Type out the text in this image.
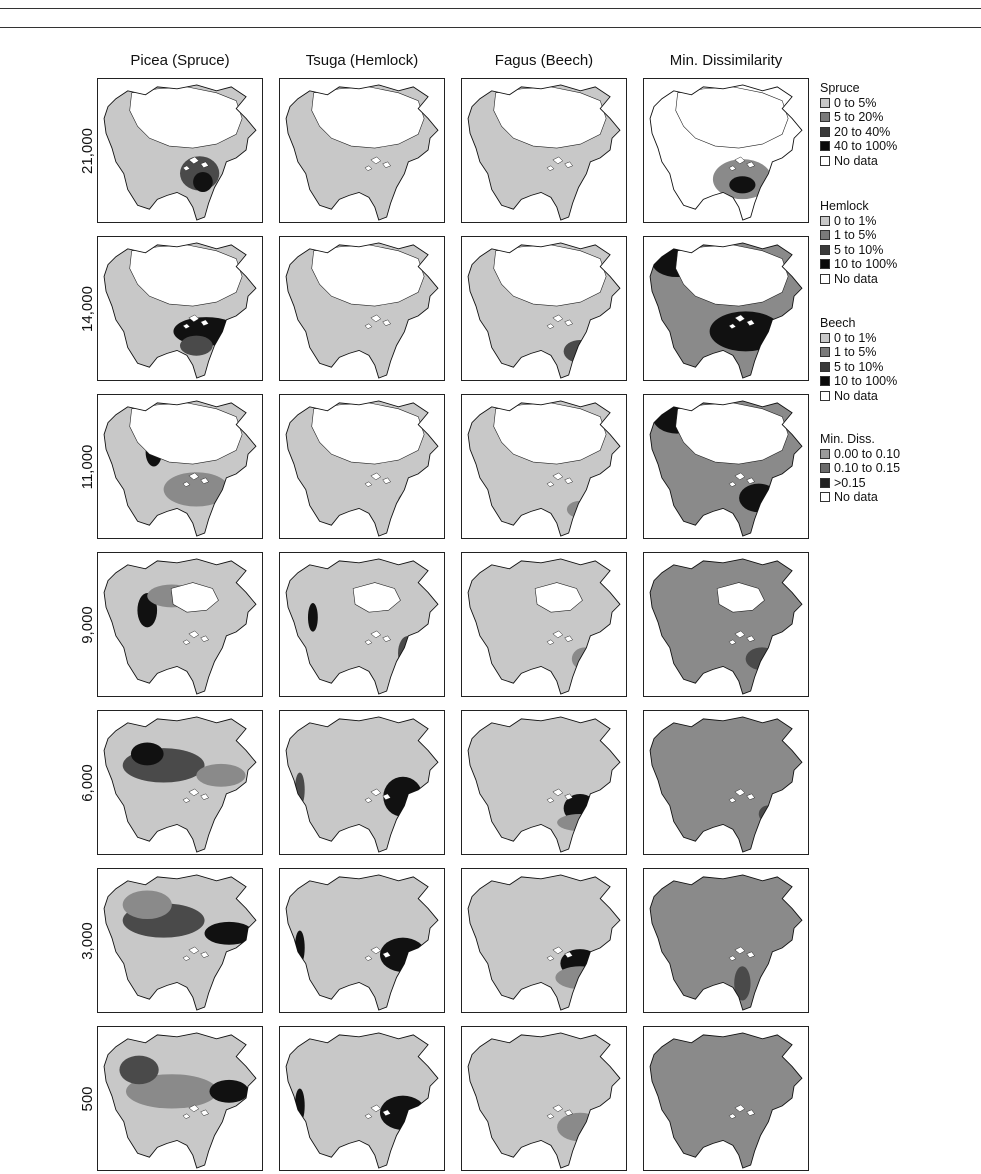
Picea (Spruce)	Tsuga (Hemlock)	Fagus (Beech)	Min. Dissimilarity
21,000
14,000
11,000
9,000
6,000
3,000
500
Spruce
0 to 5%
5 to 20%
20 to 40%
40 to 100%
No data
Hemlock
0 to 1%
1 to 5%
5 to 10%
10 to 100%
No data
Beech
0 to 1%
1 to 5%
5 to 10%
10 to 100%
No data
Min. Diss.
0.00 to 0.10
0.10 to 0.15
>0.15
No data
